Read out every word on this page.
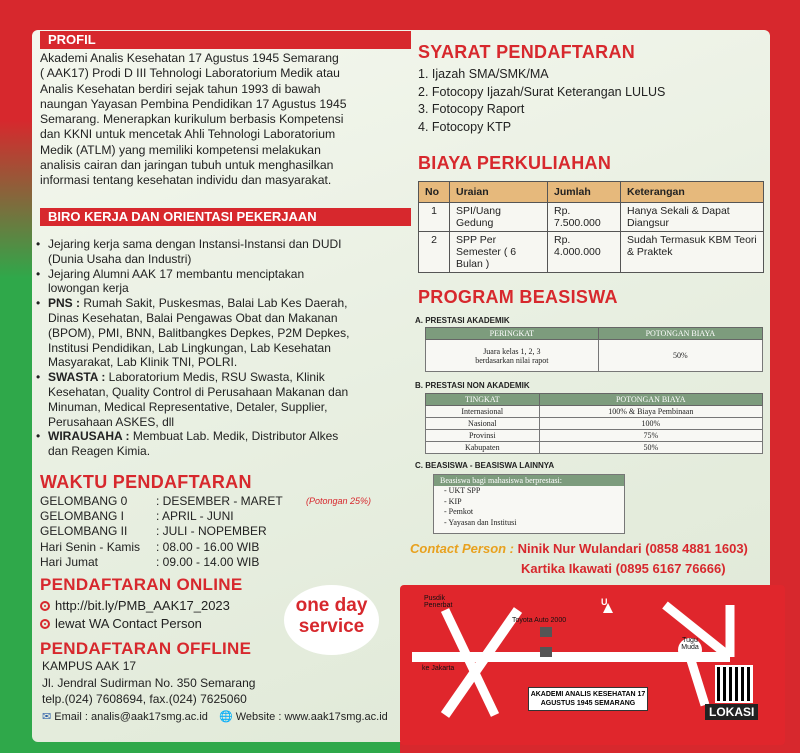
PROFIL
Akademi Analis Kesehatan 17 Agustus 1945 Semarang
( AAK17) Prodi D III Tehnologi Laboratorium Medik atau
Analis Kesehatan berdiri sejak tahun 1993 di bawah
naungan Yayasan Pembina Pendidikan 17 Agustus 1945
Semarang. Menerapkan kurikulum berbasis Kompetensi
dan KKNI untuk mencetak Ahli Tehnologi Laboratorium
Medik (ATLM) yang memiliki kompetensi melakukan
analisis cairan dan jaringan tubuh untuk menghasilkan
informasi tentang kesehatan individu dan masyarakat.
BIRO KERJA DAN ORIENTASI PEKERJAAN
• Jejaring kerja sama dengan Instansi-Instansi dan DUDI
(Dunia Usaha dan Industri)
• Jejaring Alumni AAK 17 membantu menciptakan
lowongan kerja
• PNS : Rumah Sakit, Puskesmas, Balai Lab Kes Daerah,
Dinas Kesehatan, Balai Pengawas Obat dan Makanan
(BPOM), PMI, BNN, Balitbangkes Depkes, P2M Depkes,
Institusi Pendidikan, Lab Lingkungan, Lab Kesehatan
Masyarakat, Lab Klinik TNI, POLRI.
• SWASTA : Laboratorium Medis, RSU Swasta, Klinik
Kesehatan, Quality Control di Perusahaan Makanan dan
Minuman, Medical Representative, Detaler, Supplier,
Perusahaan ASKES, dll
• WIRAUSAHA : Membuat Lab. Medik, Distributor Alkes
dan Reagen Kimia.
WAKTU PENDAFTARAN
GELOMBANG 0 : DESEMBER - MARET
GELOMBANG I	: APRIL - JUNI
GELOMBANG II : JULI - NOPEMBER
Hari Senin - Kamis : 08.00 - 16.00 WIB
Hari Jumat	: 09.00 - 14.00 WIB
(Potongan 25%)
PENDAFTARAN ONLINE
http://bit.ly/PMB_AAK17_2023
lewat WA Contact Person
one day
service
PENDAFTARAN OFFLINE
KAMPUS AAK 17
Jl. Jendral Sudirman No. 350 Semarang
telp.(024) 7608694, fax.(024) 7625060
✉ Email : analis@aak17smg.ac.id 🌐 Website : www.aak17smg.ac.id
SYARAT PENDAFTARAN
1. Ijazah SMA/SMK/MA
2. Fotocopy Ijazah/Surat Keterangan LULUS
3. Fotocopy Raport
4. Fotocopy KTP
BIAYA PERKULIAHAN
No	Uraian	Jumlah	Keterangan
1	SPI/Uang Gedung	Rp. 7.500.000	Hanya Sekali & Dapat Diangsur
2	SPP Per Semester ( 6 Bulan )	Rp. 4.000.000	Sudah Termasuk KBM Teori & Praktek
PROGRAM BEASISWA
A. PRESTASI AKADEMIK
PERINGKAT	POTONGAN BIAYA

Juara kelas 1, 2, 3
berdasarkan nilai rapot	50%
B. PRESTASI NON AKADEMIK
TINGKAT	POTONGAN BIAYA
Internasional	100% & Biaya Pembinaan
Nasional	100%
Provinsi	75%
Kabupaten	50%
C. BEASISWA - BEASISWA LAINNYA
Beasiswa bagi mahasiswa berprestasi:
- UKT SPP
- KIP
- Pemkot
- Yayasan dan Institusi
Contact Person : Ninik Nur Wulandari (0858 4881 1603)
Kartika Ikawati (0895 6167 76666)
Pusdik Penerbat
Toyota Auto 2000
ke Jakarta
Tugu Muda
U
AKADEMI ANALIS KESEHATAN 17 AGUSTUS 1945 SEMARANG
LOKASI
